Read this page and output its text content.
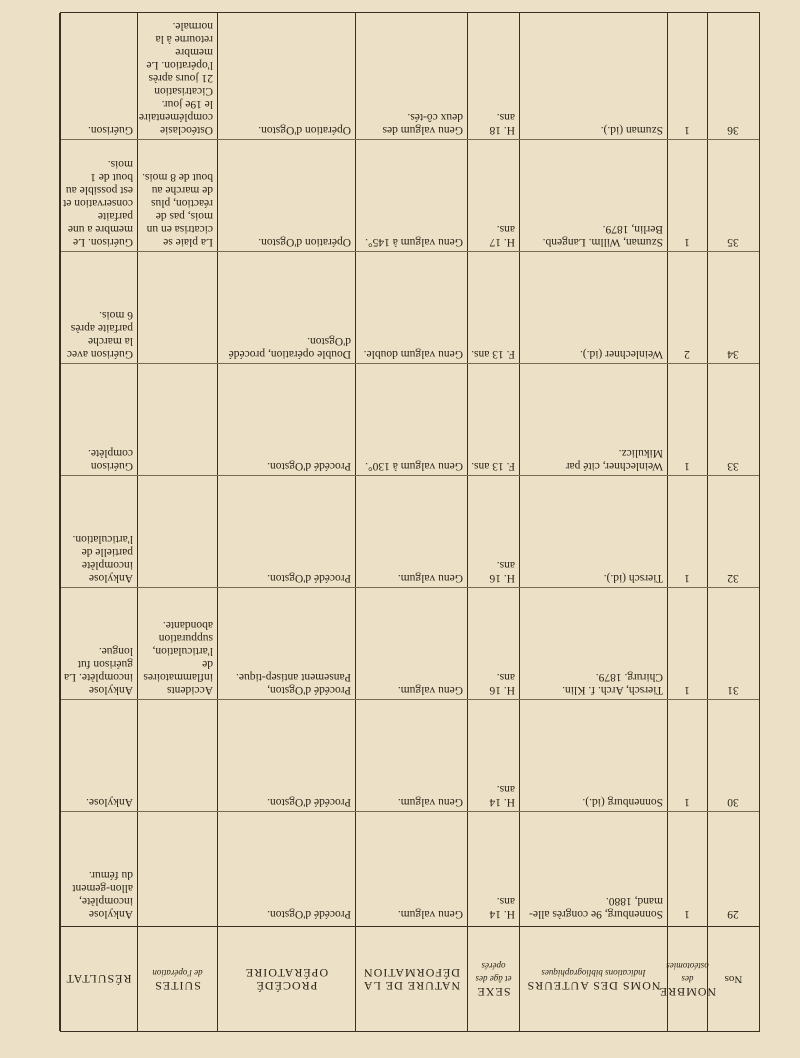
Nos
NOMBRE
des ostéotomies
NOMS DES AUTEURS
Indications bibliographiques
SEXE
et âge des opérés
NATURE DE LA DÉFORMATION
PROCÉDÉ OPÉRATOIRE
SUITES
de l'opération
RÉSULTAT
29
1
Sonnenburg, 9e congrès alle-mand, 1880.
H. 14 ans.
Genu valgum.
Procédé d'Ogston.
Ankylose incomplète, allon-gement du fémur.
30
1
Sonnenburg (id.).
H. 14 ans.
Genu valgum.
Procédé d'Ogston.
Ankylose.
31
1
Tiersch, Arch. f. Klin. Chirurg. 1879.
H. 16 ans.
Genu valgum.
Procédé d'Ogston, Pansement antisep-tique.
Accidents inflammatoires de l'articulation, suppuration abondante.
Ankylose incomplète. La guérison fut longue.
32
1
Tiersch (id.).
H. 16 ans.
Genu valgum.
Procédé d'Ogston.
Ankylose incomplète partielle de l'articulation.
33
1
Weinlechner, cité par Mikulicz.
F. 13 ans.
Genu valgum à 130°.
Procédé d'Ogston.
Guérison complète.
34
2
Weinlechner (id.).
F. 13 ans.
Genu valgum double.
Double opération, procédé d'Ogston.
Guérison avec la marche parfaite après 6 mois.
35
1
Szuman, Willm. Langenb. Berlin, 1879.
H. 17 ans.
Genu valgum à 145°.
Opération d'Ogston.
La plaie se cicatrisa en un mois, pas de réaction, plus de marche au bout de 8 mois.
Guérison. Le membre a une parfaite conservation et est possible au bout de 1 mois.
36
1
Szuman (id.).
H. 18 ans.
Genu valgum des deux cô-tés.
Opération d'Ogston.
Ostéoclasie complémentaire le 19e jour. Cicatrisation 21 jours après l'opération. Le membre retourne à la normale.
Guérison.
